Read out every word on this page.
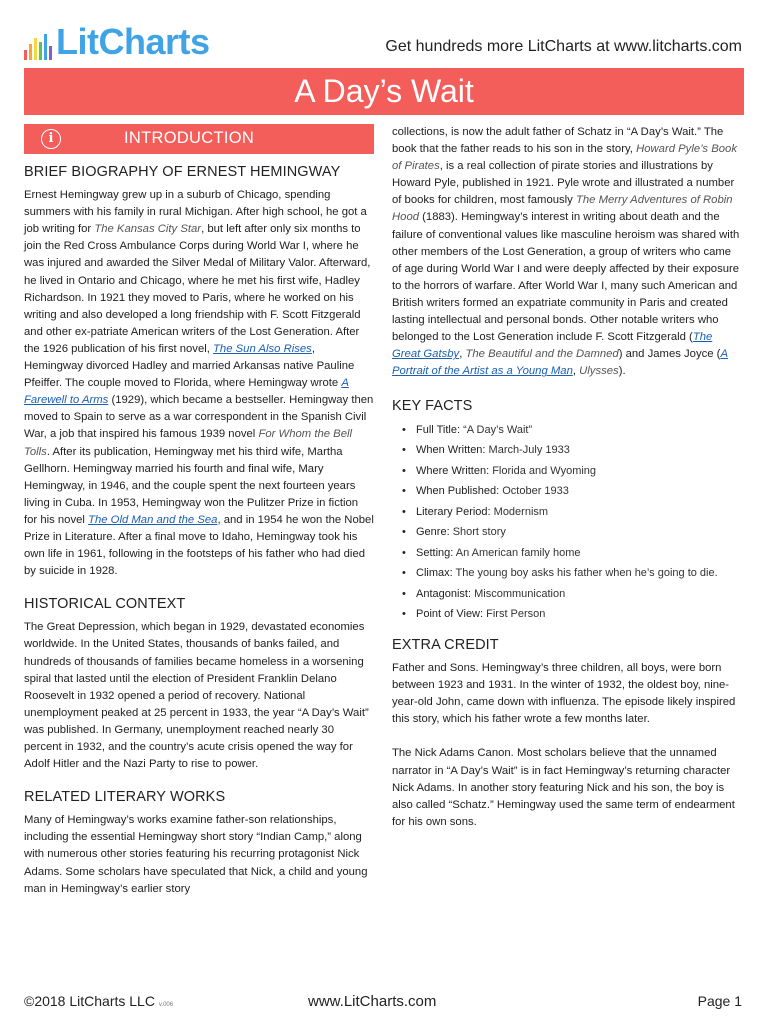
LitCharts	Get hundreds more LitCharts at www.litcharts.com
A Day’s Wait
i	INTRODUCTION
BRIEF BIOGRAPHY OF ERNEST HEMINGWAY

Ernest Hemingway grew up in a suburb of Chicago, spending summers with his family in rural Michigan. After high school, he got a job writing for The Kansas City Star, but left after only six months to join the Red Cross Ambulance Corps during World War I, where he was injured and awarded the Silver Medal of Military Valor. Afterward, he lived in Ontario and Chicago, where he met his first wife, Hadley Richardson. In 1921 they moved to Paris, where he worked on his writing and also developed a long friendship with F. Scott Fitzgerald and other ex-patriate American writers of the Lost Generation. After the 1926 publication of his first novel, The Sun Also Rises, Hemingway divorced Hadley and married Arkansas native Pauline Pfeiffer. The couple moved to Florida, where Hemingway wrote A Farewell to Arms (1929), which became a bestseller. Hemingway then moved to Spain to serve as a war correspondent in the Spanish Civil War, a job that inspired his famous 1939 novel For Whom the Bell Tolls. After its publication, Hemingway met his third wife, Martha Gellhorn. Hemingway married his fourth and final wife, Mary Hemingway, in 1946, and the couple spent the next fourteen years living in Cuba. In 1953, Hemingway won the Pulitzer Prize in fiction for his novel The Old Man and the Sea, and in 1954 he won the Nobel Prize in Literature. After a final move to Idaho, Hemingway took his own life in 1961, following in the footsteps of his father who had died by suicide in 1928.

HISTORICAL CONTEXT

The Great Depression, which began in 1929, devastated economies worldwide. In the United States, thousands of banks failed, and hundreds of thousands of families became homeless in a worsening spiral that lasted until the election of President Franklin Delano Roosevelt in 1932 opened a period of recovery. National unemployment peaked at 25 percent in 1933, the year “A Day’s Wait” was published. In Germany, unemployment reached nearly 30 percent in 1932, and the country’s acute crisis opened the way for Adolf Hitler and the Nazi Party to rise to power.

RELATED LITERARY WORKS

Many of Hemingway’s works examine father-son relationships, including the essential Hemingway short story “Indian Camp,” along with numerous other stories featuring his recurring protagonist Nick Adams. Some scholars have speculated that Nick, a child and young man in Hemingway’s earlier story

collections, is now the adult father of Schatz in “A Day’s Wait.” The book that the father reads to his son in the story, Howard Pyle’s Book of Pirates, is a real collection of pirate stories and illustrations by Howard Pyle, published in 1921. Pyle wrote and illustrated a number of books for children, most famously The Merry Adventures of Robin Hood (1883). Hemingway’s interest in writing about death and the failure of conventional values like masculine heroism was shared with other members of the Lost Generation, a group of writers who came of age during World War I and were deeply affected by their exposure to the horrors of warfare. After World War I, many such American and British writers formed an expatriate community in Paris and created lasting intellectual and personal bonds. Other notable writers who belonged to the Lost Generation include F. Scott Fitzgerald (The Great Gatsby, The Beautiful and the Damned) and James Joyce (A Portrait of the Artist as a Young Man, Ulysses).

KEY FACTS
• Full Title: “A Day’s Wait”
• When Written: March-July 1933
• Where Written: Florida and Wyoming
• When Published: October 1933
• Literary Period: Modernism
• Genre: Short story
• Setting: An American family home
• Climax: The young boy asks his father when he’s going to die.
• Antagonist: Miscommunication
• Point of View: First Person
EXTRA CREDIT

Father and Sons. Hemingway’s three children, all boys, were born between 1923 and 1931. In the winter of 1932, the oldest boy, nine-year-old John, came down with influenza. The episode likely inspired this story, which his father wrote a few months later.

The Nick Adams Canon. Most scholars believe that the unnamed narrator in “A Day’s Wait” is in fact Hemingway’s returning character Nick Adams. In another story featuring Nick and his son, the boy is also called “Schatz.” Hemingway used the same term of endearment for his own sons.

©2018 LitCharts LLC v.006	www.LitCharts.com	Page 1
